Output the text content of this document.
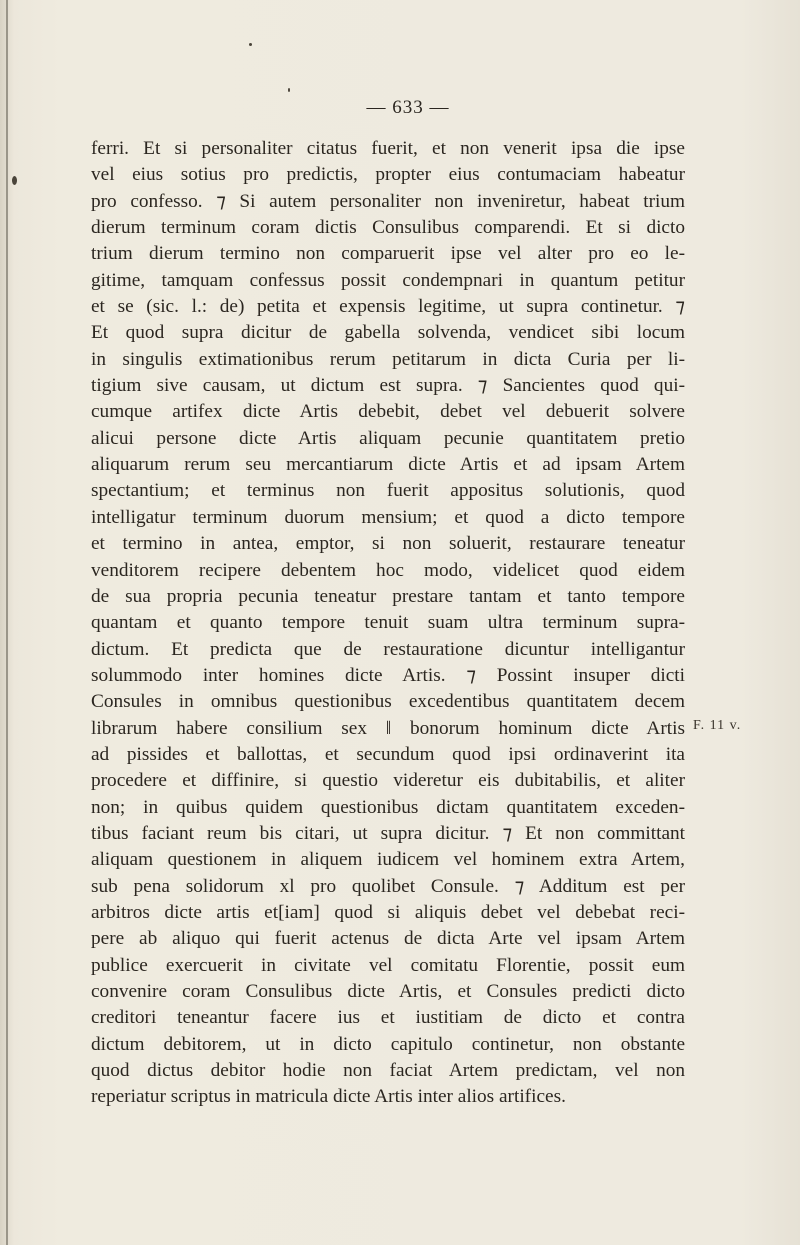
— 633 —
ferri. Et si personaliter citatus fuerit, et non venerit ipsa die ipse
vel eius sotius pro predictis, propter eius contumaciam habeatur
pro confesso. ⁊ Si autem personaliter non inveniretur, habeat trium
dierum terminum coram dictis Consulibus comparendi. Et si dicto
trium dierum termino non comparuerit ipse vel alter pro eo le-
gitime, tamquam confessus possit condempnari in quantum petitur
et se (sic. l.: de) petita et expensis legitime, ut supra continetur. ⁊
Et quod supra dicitur de gabella solvenda, vendicet sibi locum
in singulis extimationibus rerum petitarum in dicta Curia per li-
tigium sive causam, ut dictum est supra. ⁊ Sancientes quod qui-
cumque artifex dicte Artis debebit, debet vel debuerit solvere
alicui persone dicte Artis aliquam pecunie quantitatem pretio
aliquarum rerum seu mercantiarum dicte Artis et ad ipsam Artem
spectantium; et terminus non fuerit appositus solutionis, quod
intelligatur terminum duorum mensium; et quod a dicto tempore
et termino in antea, emptor, si non soluerit, restaurare teneatur
venditorem recipere debentem hoc modo, videlicet quod eidem
de sua propria pecunia teneatur prestare tantam et tanto tempore
quantam et quanto tempore tenuit suam ultra terminum supra-
dictum. Et predicta que de restauratione dicuntur intelligantur
solummodo inter homines dicte Artis. ⁊ Possint insuper dicti
Consules in omnibus questionibus excedentibus quantitatem decem
librarum habere consilium sex ‖ bonorum hominum dicte Artis
ad pissides et ballottas, et secundum quod ipsi ordinaverint ita
procedere et diffinire, si questio videretur eis dubitabilis, et aliter
non; in quibus quidem questionibus dictam quantitatem exceden-
tibus faciant reum bis citari, ut supra dicitur. ⁊ Et non committant
aliquam questionem in aliquem iudicem vel hominem extra Artem,
sub pena solidorum xl pro quolibet Consule. ⁊ Additum est per
arbitros dicte artis et[iam] quod si aliquis debet vel debebat reci-
pere ab aliquo qui fuerit actenus de dicta Arte vel ipsam Artem
publice exercuerit in civitate vel comitatu Florentie, possit eum
convenire coram Consulibus dicte Artis, et Consules predicti dicto
creditori teneantur facere ius et iustitiam de dicto et contra
dictum debitorem, ut in dicto capitulo continetur, non obstante
quod dictus debitor hodie non faciat Artem predictam, vel non
reperiatur scriptus in matricula dicte Artis inter alios artifices.
F. 11 v.
